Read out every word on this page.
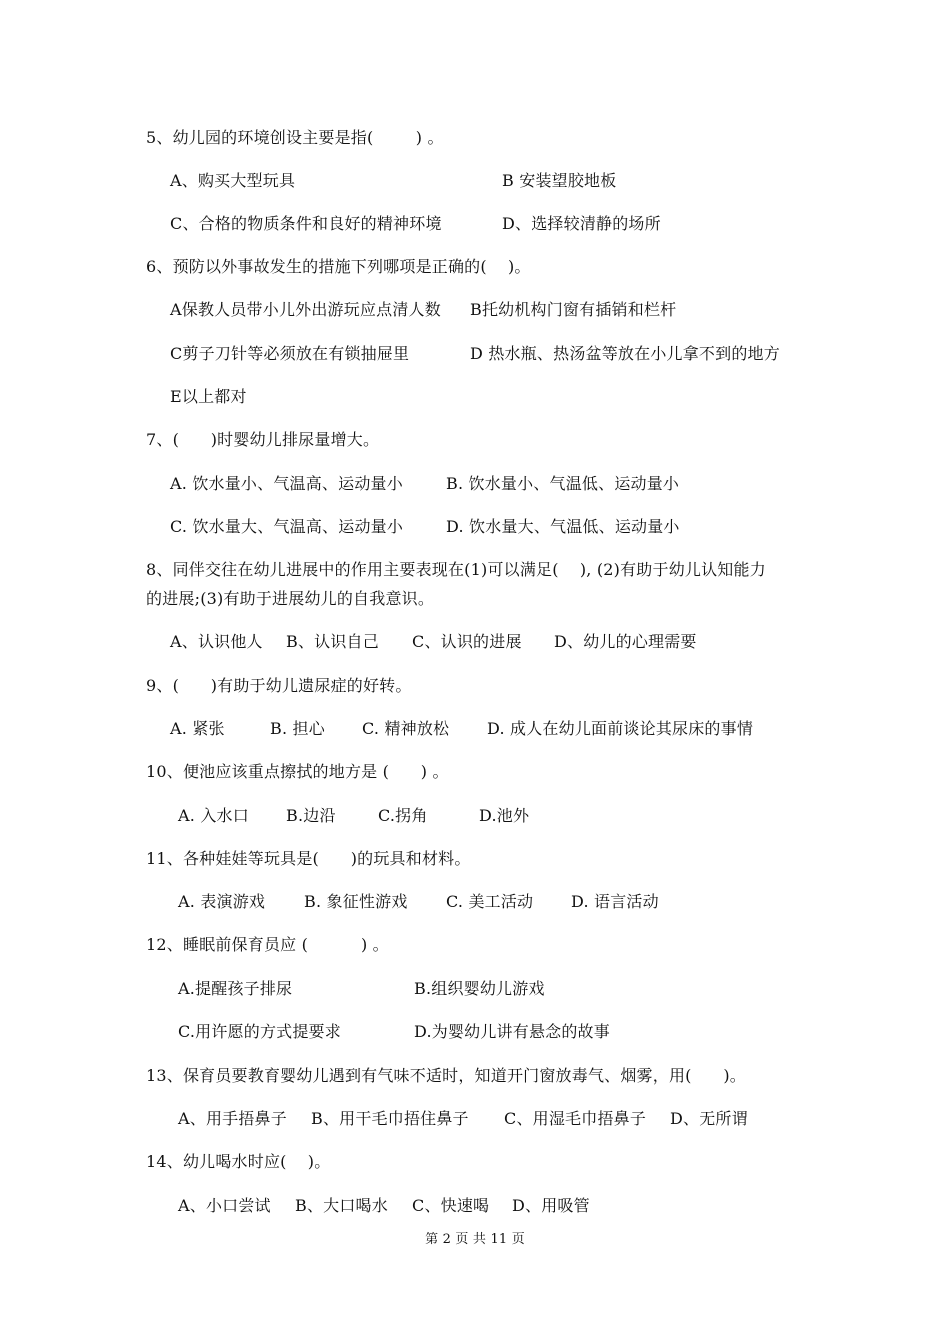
5、幼儿园的环境创设主要是指(        ) 。
A、购买大型玩具	B 安装望胶地板
C、合格的物质条件和良好的精神环境	D、选择较清静的场所
6、预防以外事故发生的措施下列哪项是正确的(    )。
A保教人员带小儿外出游玩应点清人数 B托幼机构门窗有插销和栏杆
C剪子刀针等必须放在有锁抽屉里	D 热水瓶、热汤盆等放在小儿拿不到的地方
E以上都对
7、(      )时婴幼儿排尿量增大。
A. 饮水量小、气温高、运动量小	B. 饮水量小、气温低、运动量小
C. 饮水量大、气温高、运动量小	D. 饮水量大、气温低、运动量小
8、同伴交往在幼儿进展中的作用主要表现在(1)可以满足(    ), (2)有助于幼儿认知能力
的进展;(3)有助于进展幼儿的自我意识。
A、认识他人 B、认识自己 C、认识的进展 D、幼儿的心理需要
9、(      )有助于幼儿遗尿症的好转。
A. 紧张	B. 担心 C. 精神放松 D. 成人在幼儿面前谈论其尿床的事情
10、便池应该重点擦拭的地方是 (      ) 。
A. 入水口 B.边沿	C.拐角	D.池外
11、各种娃娃等玩具是(      )的玩具和材料。
A. 表演游戏 B. 象征性游戏 C. 美工活动 D. 语言活动
12、睡眠前保育员应 (          ) 。
A.提醒孩子排尿	B.组织婴幼儿游戏
C.用许愿的方式提要求	D.为婴幼儿讲有悬念的故事
13、保育员要教育婴幼儿遇到有气味不适时，知道开门窗放毒气、烟雾，用(      )。
A、用手捂鼻子 B、用干毛巾捂住鼻子 C、用湿毛巾捂鼻子 D、无所谓
14、幼儿喝水时应(    )。
A、小口尝试 B、大口喝水 C、快速喝 D、用吸管
第 2 页 共 11 页
